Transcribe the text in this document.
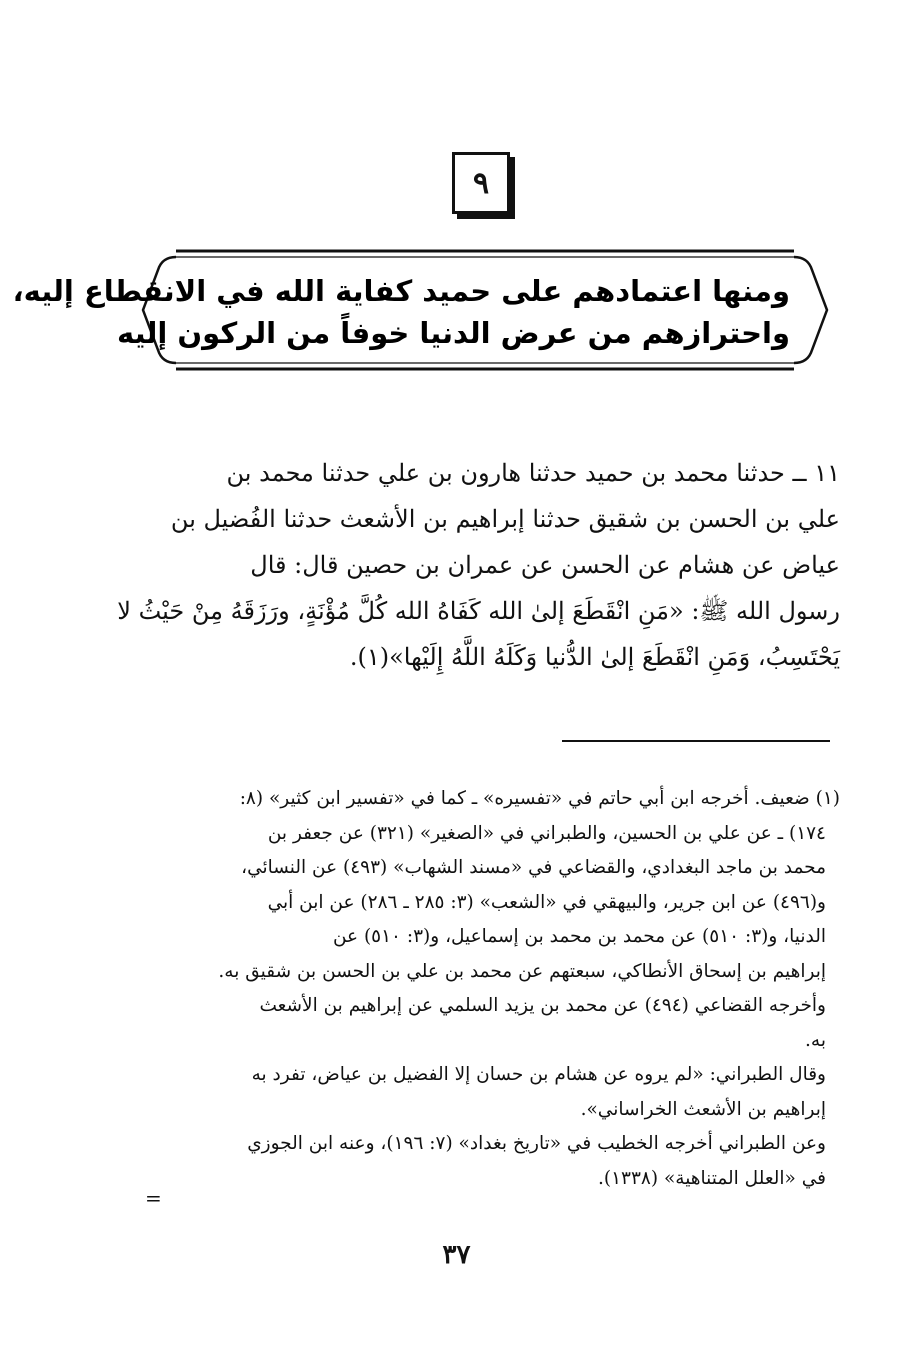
٩
ومنها اعتمادهم على حميد كفاية الله في الانقطاع إليه،
واحترازهم من عرض الدنيا خوفاً من الركون إليه
١١ ــ حدثنا محمد بن حميد حدثنا هارون بن علي حدثنا محمد بن
علي بن الحسن بن شقيق حدثنا إبراهيم بن الأشعث حدثنا الفُضيل بن
عياض عن هشام عن الحسن عن عمران بن حصين قال: قال
رسول الله ﷺ: «مَنِ انْقَطَعَ إلىٰ الله كَفَاهُ الله كُلَّ مُؤْنَةٍ، ورَزَقَهُ مِنْ حَيْثُ لا
يَحْتَسِبُ، وَمَنِ انْقَطَعَ إلىٰ الدُّنيا وَكَلَهُ اللَّهُ إِلَيْها»(١).
(١) ضعيف. أخرجه ابن أبي حاتم في «تفسيره» ـ كما في «تفسير ابن كثير» (٨:
١٧٤) ـ عن علي بن الحسين، والطبراني في «الصغير» (٣٢١) عن جعفر بن
محمد بن ماجد البغدادي، والقضاعي في «مسند الشهاب» (٤٩٣) عن النسائي،
و(٤٩٦) عن ابن جرير، والبيهقي في «الشعب» (٣: ٢٨٥ ـ ٢٨٦) عن ابن أبي
الدنيا، و(٣: ٥١٠) عن محمد بن محمد بن إسماعيل، و(٣: ٥١٠) عن
إبراهيم بن إسحاق الأنطاكي، سبعتهم عن محمد بن علي بن الحسن بن شقيق به.
وأخرجه القضاعي (٤٩٤) عن محمد بن يزيد السلمي عن إبراهيم بن الأشعث
به.
وقال الطبراني: «لم يروه عن هشام بن حسان إلا الفضيل بن عياض، تفرد به
إبراهيم بن الأشعث الخراساني».
وعن الطبراني أخرجه الخطيب في «تاريخ بغداد» (٧: ١٩٦)، وعنه ابن الجوزي
في «العلل المتناهية» (١٣٣٨).
=
٣٧
